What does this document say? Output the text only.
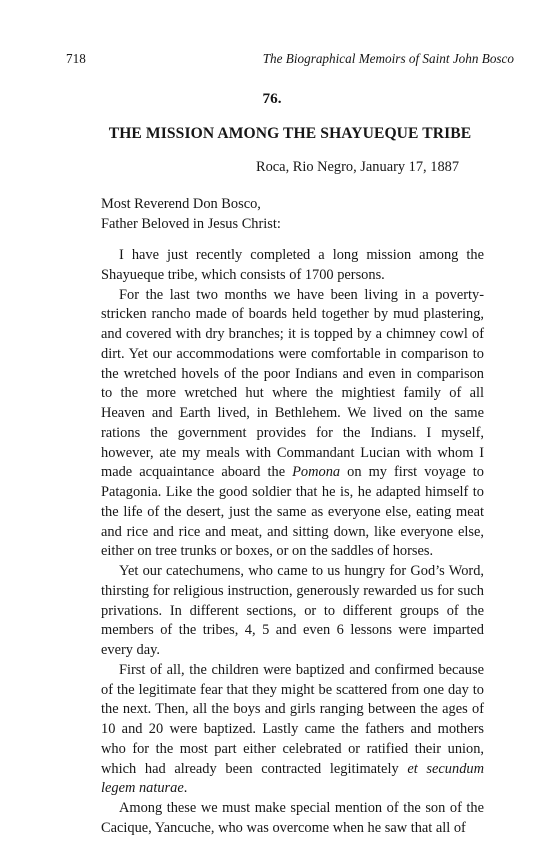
718	The Biographical Memoirs of Saint John Bosco
76.
THE MISSION AMONG THE SHAYUEQUE TRIBE
Roca, Rio Negro, January 17, 1887
Most Reverend Don Bosco,
Father Beloved in Jesus Christ:

I have just recently completed a long mission among the Shayueque tribe, which consists of 1700 persons.

For the last two months we have been living in a poverty-stricken rancho made of boards held together by mud plastering, and covered with dry branches; it is topped by a chimney cowl of dirt. Yet our accommodations were comfortable in comparison to the wretched hovels of the poor Indians and even in comparison to the more wretched hut where the mightiest family of all Heaven and Earth lived, in Bethlehem. We lived on the same rations the government provides for the Indians. I myself, however, ate my meals with Commandant Lucian with whom I made acquaintance aboard the Pomona on my first voyage to Patagonia. Like the good soldier that he is, he adapted himself to the life of the desert, just the same as everyone else, eating meat and rice and rice and meat, and sitting down, like everyone else, either on tree trunks or boxes, or on the saddles of horses.

Yet our catechumens, who came to us hungry for God’s Word, thirsting for religious instruction, generously rewarded us for such privations. In different sections, or to different groups of the members of the tribes, 4, 5 and even 6 lessons were imparted every day.

First of all, the children were baptized and confirmed because of the legitimate fear that they might be scattered from one day to the next. Then, all the boys and girls ranging between the ages of 10 and 20 were baptized. Lastly came the fathers and mothers who for the most part either celebrated or ratified their union, which had already been contracted legitimately et secundum legem naturae.

Among these we must make special mention of the son of the Cacique, Yancuche, who was overcome when he saw that all of
